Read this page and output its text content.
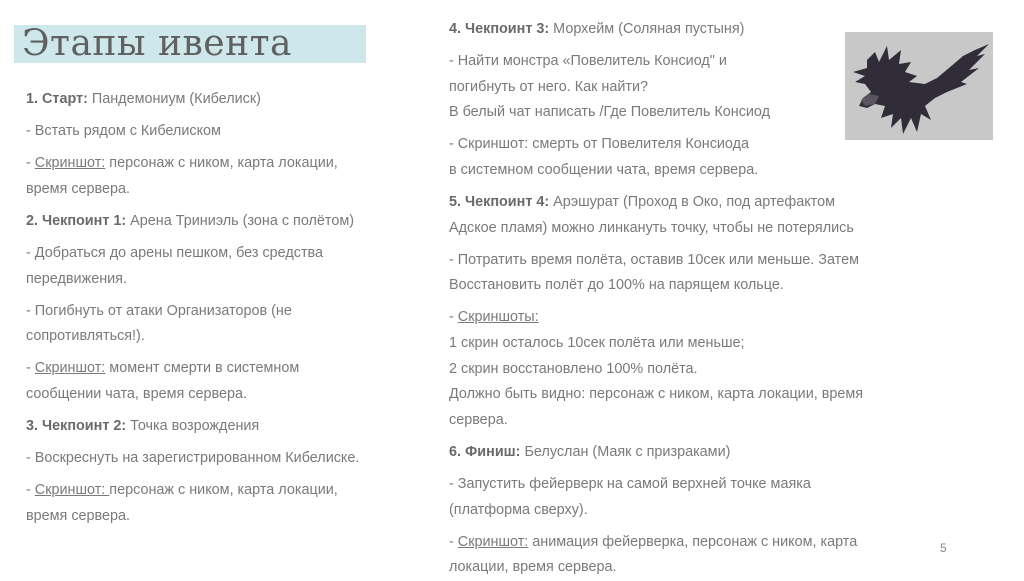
Этапы ивента

1. Старт: Пандемониум (Кибелиск)

- Встать рядом с Кибелиском

- Скриншот: персонаж с ником, карта локации,
время сервера.

2. Чекпоинт 1: Арена Триниэль (зона с полётом)

- Добраться до арены пешком, без средства
передвижения.

- Погибнуть от атаки Организаторов (не
сопротивляться!).

- Скриншот: момент смерти в системном
сообщении чата, время сервера.

3. Чекпоинт 2: Точка возрождения

- Воскреснуть на зарегистрированном Кибелиске.

- Скриншот: персонаж с ником, карта локации,
время сервера.

4. Чекпоинт 3: Морхейм (Соляная пустыня)

- Найти монстра «Повелитель Консиод" и
погибнуть от него. Как найти?
В белый чат написать /Где Повелитель Консиод

- Скриншот: смерть от Повелителя Консиода
в системном сообщении чата, время сервера.

5. Чекпоинт 4: Арэшурат (Проход в Око, под артефактом
Адское пламя) можно линкануть точку, чтобы не потерялись

- Потратить время полёта, оставив 10сек или меньше. Затем
Восстановить полёт до 100% на парящем кольце.

- Скриншоты:
1 скрин осталось 10сек полёта или меньше;
2 скрин восстановлено 100% полёта.
Должно быть видно: персонаж с ником, карта локации, время
сервера.

6. Финиш: Белуслан (Маяк с призраками)

- Запустить фейерверк на самой верхней точке маяка
(платформа сверху).

- Скриншот: анимация фейерверка, персонаж с ником, карта
локации, время сервера.

5
